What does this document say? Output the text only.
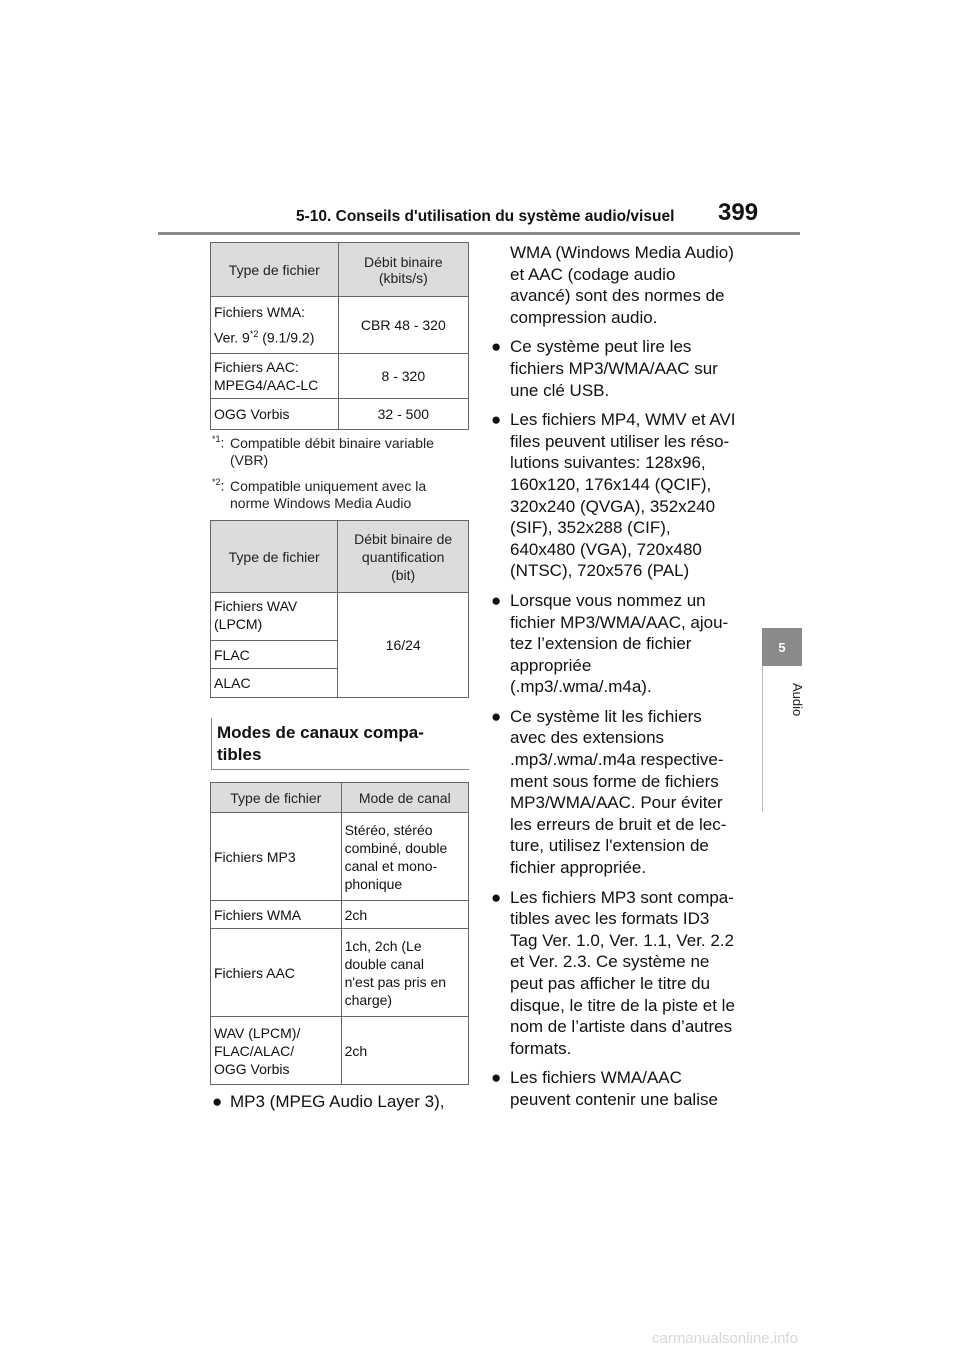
5-10. Conseils d'utilisation du système audio/visuel 399
5
Audio
Type de fichier	Débit binaire
(kbits/s)
Fichiers WMA:
Ver. 9$^{*2}$ (9.1/9.2)	CBR 48 - 320
Fichiers AAC:
MPEG4/AAC-LC	8 - 320
OGG Vorbis	32 - 500
$^{*1}$: Compatible débit binaire variable
(VBR)
$^{*2}$: Compatible uniquement avec la
norme Windows Media Audio
Type de fichier	Débit binaire de
quantification
(bit)
Fichiers WAV
(LPCM)	16/24
FLAC	
ALAC	
Modes de canaux compa-
tibles
Type de fichier	Mode de canal
Fichiers MP3	Stéréo, stéréo
combiné, double
canal et mono-
phonique
Fichiers WMA	2ch
Fichiers AAC	1ch, 2ch (Le
double canal
n'est pas pris en
charge)
WAV (LPCM)/
FLAC/ALAC/
OGG Vorbis	2ch
● MP3 (MPEG Audio Layer 3),
WMA (Windows Media Audio)
et AAC (codage audio
avancé) sont des normes de
compression audio.
● Ce système peut lire les
fichiers MP3/WMA/AAC sur
une clé USB.
● Les fichiers MP4, WMV et AVI
files peuvent utiliser les réso-
lutions suivantes: 128x96,
160x120, 176x144 (QCIF),
320x240 (QVGA), 352x240
(SIF), 352x288 (CIF),
640x480 (VGA), 720x480
(NTSC), 720x576 (PAL)
● Lorsque vous nommez un
fichier MP3/WMA/AAC, ajou-
tez l’extension de fichier
appropriée
(.mp3/.wma/.m4a).
● Ce système lit les fichiers
avec des extensions
.mp3/.wma/.m4a respective-
ment sous forme de fichiers
MP3/WMA/AAC. Pour éviter
les erreurs de bruit et de lec-
ture, utilisez l'extension de
fichier appropriée.
● Les fichiers MP3 sont compa-
tibles avec les formats ID3
Tag Ver. 1.0, Ver. 1.1, Ver. 2.2
et Ver. 2.3. Ce système ne
peut pas afficher le titre du
disque, le titre de la piste et le
nom de l’artiste dans d’autres
formats.
● Les fichiers WMA/AAC
peuvent contenir une balise
carmanualsonline.info
